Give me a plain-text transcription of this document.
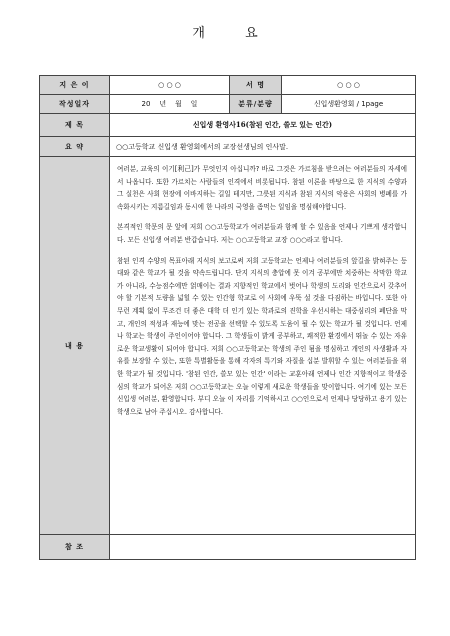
개 요
지 은 이	○ ○ ○	서 명	○ ○ ○
작성일자	20    년    월    일	분류/분량	신입생환영회 / 1page
제 목	신입생 환영사16(참된 인간, 쓸모 있는 인간)		
요 약	○○고등학교 신입생 환영회에서의 교장선생님의 인사말.		
내 용	여러분, 교육의 이기[利己]가 무엇인지 아십니까? 바로 그것은 가르침을 받으려는 여러분들의 자세에서 나옵니다. 또한 가르치는 사람들의 인격에서 비롯됩니다. 참된 이론을 바탕으로 한 지식의 수양과 그 실천은 사회 현장에 이바지하는 길일 테지만, 그릇된 지식과 참된 지식의 악용은 사회의 병폐를 가속화시키는 지름길임과 동시에 한 나라의 국영을 좀먹는 일임을 명심해야합니다.

본격적인 학문의 문 앞에 저희 ○○고등학교가 여러분들과 함께 할 수 있음을 언제나 기쁘게 생각합니다. 모든 신입생 여러분 반갑습니다. 저는 ○○고등학교 교장 ○○○라고 합니다.

참된 인격 수양의 목표아래 지식의 보고로써 저희 고등학교는 언제나 여러분들의 앞길을 밝혀주는 등대와 같은 학교가 될 것을 약속드립니다. 단지 지식의 충압에 못 이겨 공부에만 치중하는 삭막한 학교가 아니라, 수능점수에만 얽매이는 결과 지향적인 학교에서 벗어나 학생의 도리와 인간으로서 갖추어야 할 기본적 도량을 넓힐 수 있는 인간형 학교로 이 사회에 우뚝 설 것을 다짐하는 바입니다. 또한 아무런 계획 없이 무조건 더 좋은 대학 더 인기 있는 학과로의 진학을 우선시하는 대중심리의 폐단을 막고, 개인의 적성과 재능에 맞는 전공을 선택할 수 있도록 도움이 될 수 있는 학교가 될 것입니다. 언제나 학교는 학생이 주인이어야 합니다. 그 학생들이 밝게 공부하고, 쾌적한 환경에서 뛰놀 수 있는 자유로운 학교생활이 되어야 합니다. 저희 ○○고등학교는 학생의 주인 됨을 명심하고 개인의 사생활과 자유를 보장할 수 있는, 또한 특별활동을 통해 각자의 특기와 자질을 십분 발휘할 수 있는 여러분들을 위한 학교가 될 것입니다. '참된 인간, 쓸모 있는 인간' 이라는 교훈아래 언제나 인간 지향적이고 학생중심의 학교가 되어온 저희 ○○고등학교는 오늘 이렇게 새로운 학생들을 맞이합니다. 여기에 있는 모든 신입생 여러분, 환영합니다. 부디 오늘 이 자리를 기억하시고 ○○인으로서 언제나 당당하고 용기 있는 학생으로 남아 주십시오. 감사합니다.		

참 조			
